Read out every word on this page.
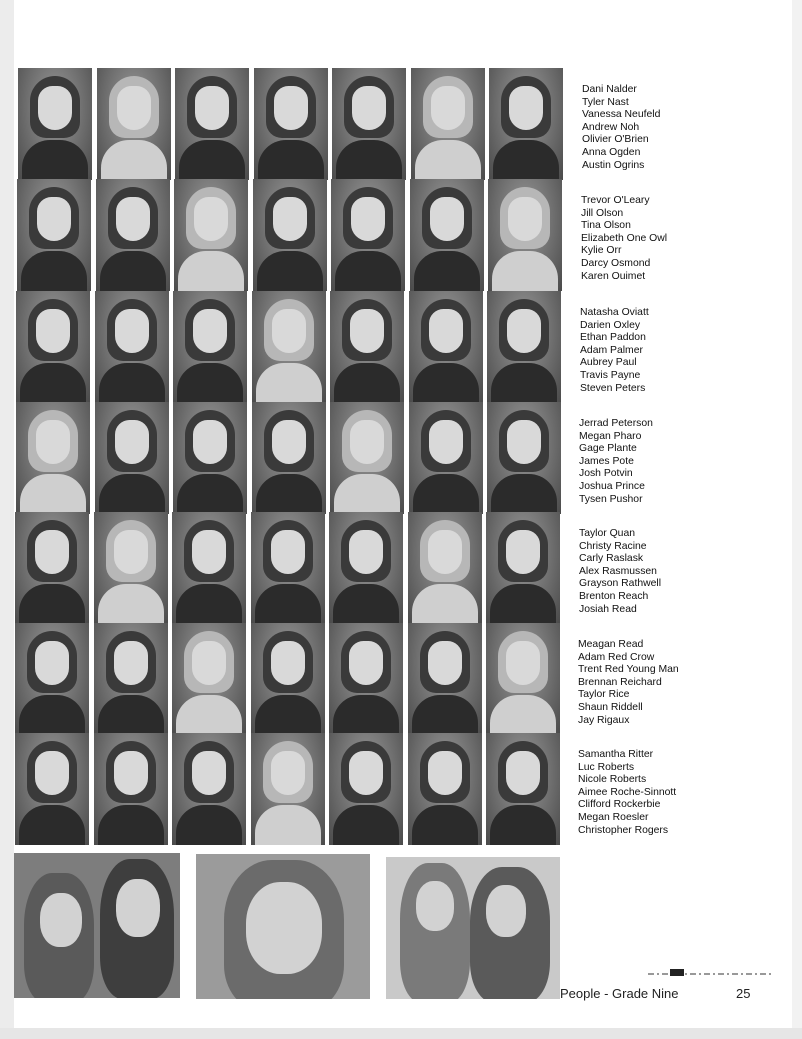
Dani Nalder
Tyler Nast
Vanessa Neufeld
Andrew Noh
Olivier O'Brien
Anna Ogden
Austin Ogrins
Trevor O'Leary
Jill Olson
Tina Olson
Elizabeth One Owl
Kylie Orr
Darcy Osmond
Karen Ouimet
Natasha Oviatt
Darien Oxley
Ethan Paddon
Adam Palmer
Aubrey Paul
Travis Payne
Steven Peters
Jerrad Peterson
Megan Pharo
Gage Plante
James Pote
Josh Potvin
Joshua Prince
Tysen Pushor
Taylor Quan
Christy Racine
Carly Raslask
Alex Rasmussen
Grayson Rathwell
Brenton Reach
Josiah Read
Meagan Read
Adam Red Crow
Trent Red Young Man
Brennan Reichard
Taylor Rice
Shaun Riddell
Jay Rigaux
Samantha Ritter
Luc Roberts
Nicole Roberts
Aimee Roche-Sinnott
Clifford Rockerbie
Megan Roesler
Christopher Rogers
People - Grade Nine	25
